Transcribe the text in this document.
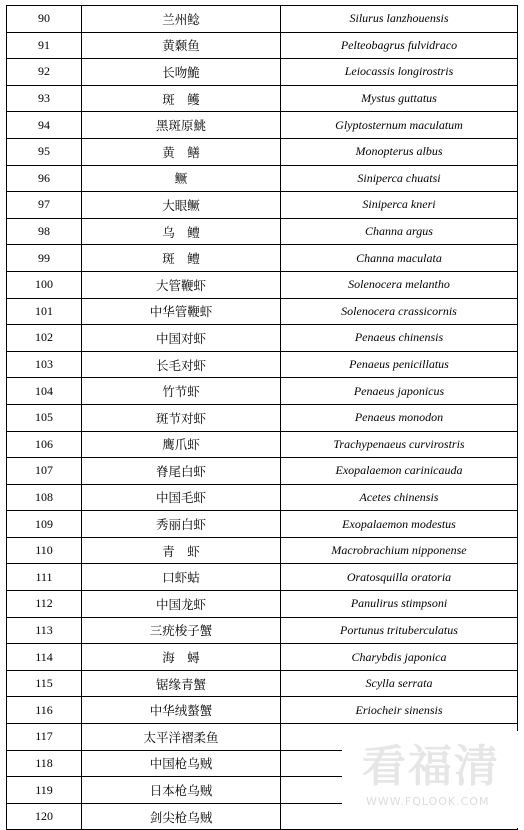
90	兰州鲶	Silurus lanzhouensis
91	黄颡鱼	Pelteobagrus fulvidraco
92	长吻鮠	Leiocassis longirostris
93	斑　鳠	Mystus guttatus
94	黑斑原鮡	Glyptosternum maculatum
95	黄　鳝	Monopterus albus
96	鳜	Siniperca chuatsi
97	大眼鳜	Siniperca kneri
98	乌　鳢	Channa argus
99	斑　鳢	Channa maculata
100	大管鞭虾	Solenocera melantho
101	中华管鞭虾	Solenocera crassicornis
102	中国对虾	Penaeus chinensis
103	长毛对虾	Penaeus penicillatus
104	竹节虾	Penaeus japonicus
105	斑节对虾	Penaeus monodon
106	鹰爪虾	Trachypenaeus curvirostris
107	脊尾白虾	Exopalaemon carinicauda
108	中国毛虾	Acetes chinensis
109	秀丽白虾	Exopalaemon modestus
110	青　虾	Macrobrachium nipponense
111	口虾蛄	Oratosquilla oratoria
112	中国龙虾	Panulirus stimpsoni
113	三疣梭子蟹	Portunus trituberculatus
114	海　蟳	Charybdis japonica
115	锯缘青蟹	Scylla serrata
116	中华绒螯蟹	Eriocheir sinensis
117	太平洋褶柔鱼	
118	中国枪乌贼	
119	日本枪乌贼	
120	剑尖枪乌贼	
看福清
WWW.FQLOOK.COM
